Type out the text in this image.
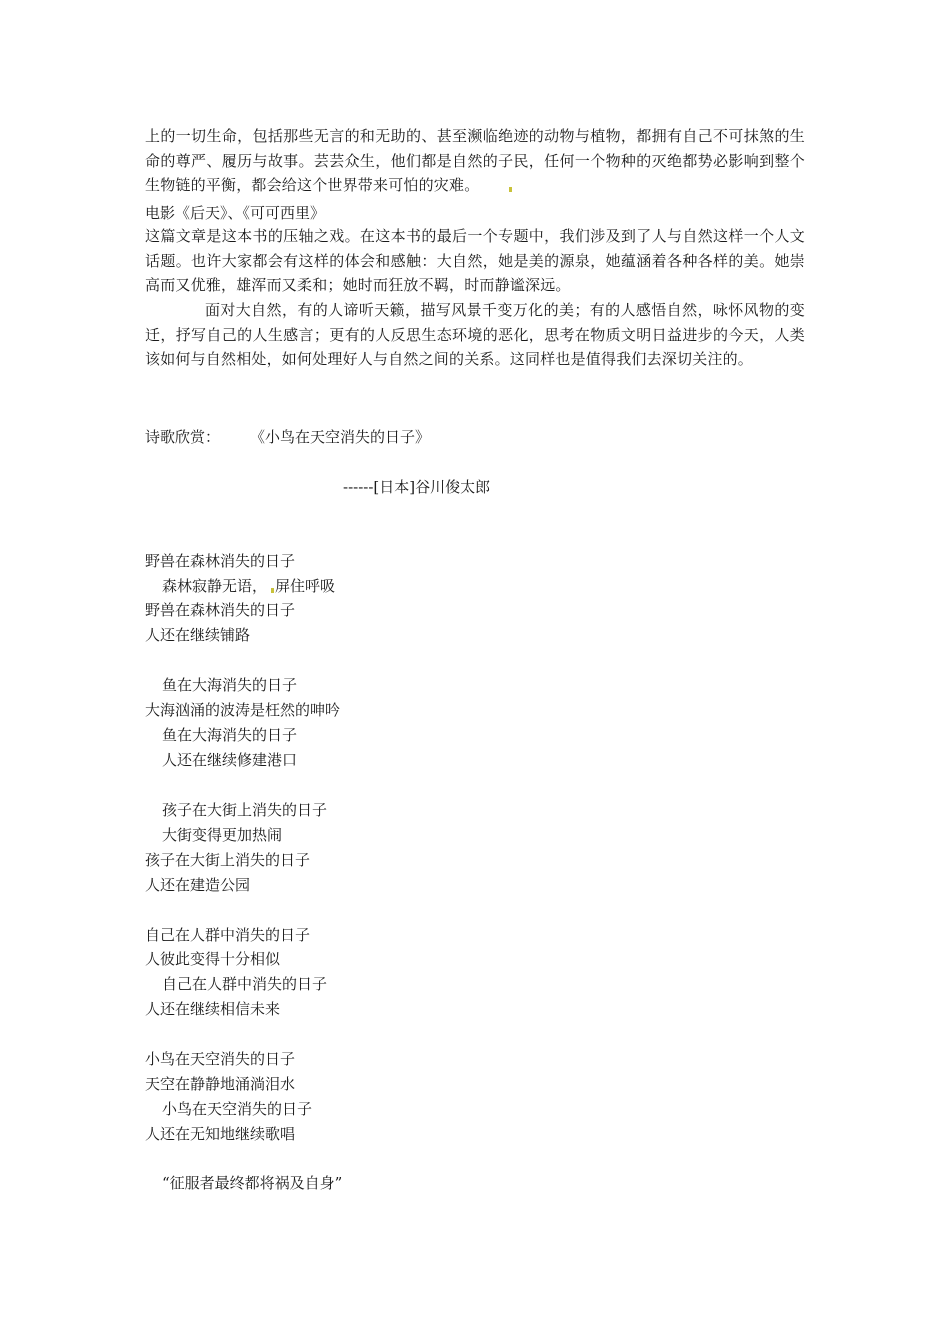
上的一切生命，包括那些无言的和无助的、甚至濒临绝迹的动物与植物，都拥有自己不可抹煞的生命的尊严、履历与故事。芸芸众生，他们都是自然的子民，任何一个物种的灭绝都势必影响到整个生物链的平衡，都会给这个世界带来可怕的灾难。

电影《后天》、《可可西里》

这篇文章是这本书的压轴之戏。在这本书的最后一个专题中，我们涉及到了人与自然这样一个人文话题。也许大家都会有这样的体会和感触：大自然，她是美的源泉，她蕴涵着各种各样的美。她崇高而又优雅，雄浑而又柔和；她时而狂放不羁，时而静谧深远。

面对大自然，有的人谛听天籁，描写风景千变万化的美；有的人感悟自然，咏怀风物的变迁，抒写自己的人生感言；更有的人反思生态环境的恶化，思考在物质文明日益进步的今天，人类该如何与自然相处，如何处理好人与自然之间的关系。这同样也是值得我们去深切关注的。

诗歌欣赏： 《小鸟在天空消失的日子》

------[日本]谷川俊太郎

野兽在森林消失的日子

森林寂静无语， 屏住呼吸

野兽在森林消失的日子

人还在继续铺路

鱼在大海消失的日子

大海汹涌的波涛是枉然的呻吟

鱼在大海消失的日子

人还在继续修建港口

孩子在大街上消失的日子

大街变得更加热闹

孩子在大街上消失的日子

人还在建造公园

自己在人群中消失的日子

人彼此变得十分相似

自己在人群中消失的日子

人还在继续相信未来

小鸟在天空消失的日子

天空在静静地涌淌泪水

小鸟在天空消失的日子

人还在无知地继续歌唱

“征服者最终都将祸及自身”
